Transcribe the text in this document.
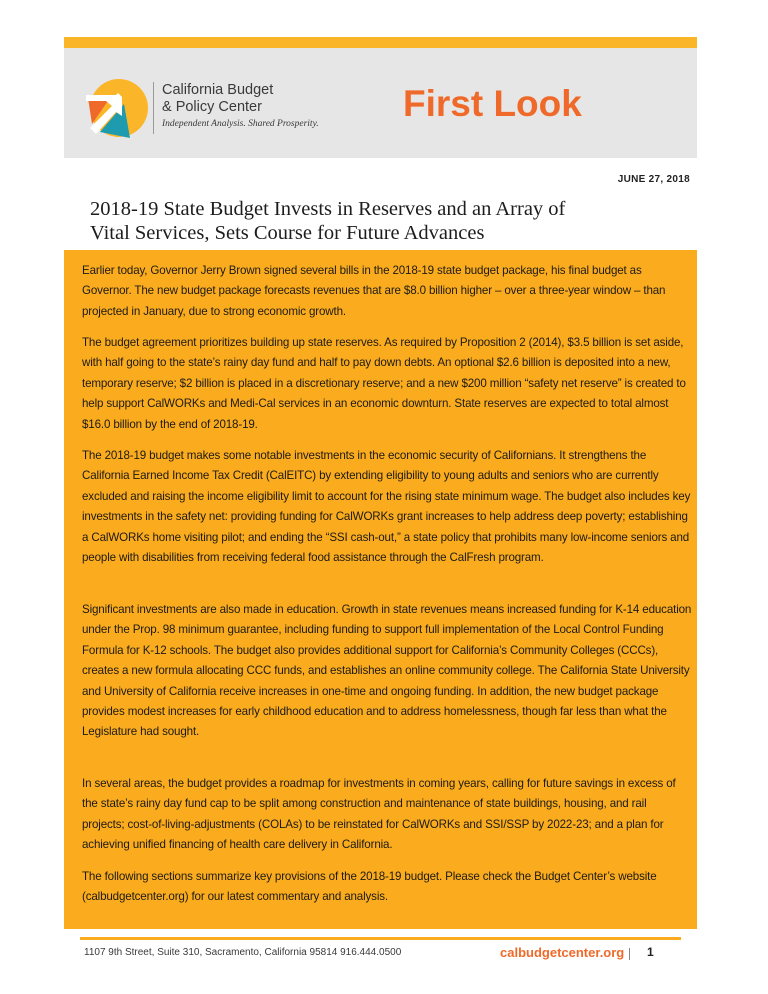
California Budget
& Policy Center
Independent Analysis. Shared Prosperity. First Look
JUNE 27, 2018
2018-19 State Budget Invests in Reserves and an Array of
Vital Services, Sets Course for Future Advances

Earlier today, Governor Jerry Brown signed several bills in the 2018-19 state budget package, his final budget as Governor. The new budget package forecasts revenues that are $8.0 billion higher – over a three-year window – than projected in January, due to strong economic growth.

The budget agreement prioritizes building up state reserves. As required by Proposition 2 (2014), $3.5 billion is set aside, with half going to the state’s rainy day fund and half to pay down debts. An optional $2.6 billion is deposited into a new, temporary reserve; $2 billion is placed in a discretionary reserve; and a new $200 million “safety net reserve” is created to help support CalWORKs and Medi-Cal services in an economic downturn. State reserves are expected to total almost $16.0 billion by the end of 2018-19.

The 2018-19 budget makes some notable investments in the economic security of Californians. It strengthens the California Earned Income Tax Credit (CalEITC) by extending eligibility to young adults and seniors who are currently excluded and raising the income eligibility limit to account for the rising state minimum wage. The budget also includes key investments in the safety net: providing funding for CalWORKs grant increases to help address deep poverty; establishing a CalWORKs home visiting pilot; and ending the “SSI cash-out,” a state policy that prohibits many low-income seniors and people with disabilities from receiving federal food assistance through the CalFresh program.

Significant investments are also made in education. Growth in state revenues means increased funding for K-14 education under the Prop. 98 minimum guarantee, including funding to support full implementation of the Local Control Funding Formula for K-12 schools. The budget also provides additional support for California’s Community Colleges (CCCs), creates a new formula allocating CCC funds, and establishes an online community college. The California State University and University of California receive increases in one-time and ongoing funding. In addition, the new budget package provides modest increases for early childhood education and to address homelessness, though far less than what the Legislature had sought.

In several areas, the budget provides a roadmap for investments in coming years, calling for future savings in excess of the state’s rainy day fund cap to be split among construction and maintenance of state buildings, housing, and rail projects; cost-of-living-adjustments (COLAs) to be reinstated for CalWORKs and SSI/SSP by 2022-23; and a plan for achieving unified financing of health care delivery in California.

The following sections summarize key provisions of the 2018-19 budget. Please check the Budget Center’s website (calbudgetcenter.org) for our latest commentary and analysis.

1107 9th Street, Suite 310, Sacramento, California 95814 916.444.0500	calbudgetcenter.org 1
